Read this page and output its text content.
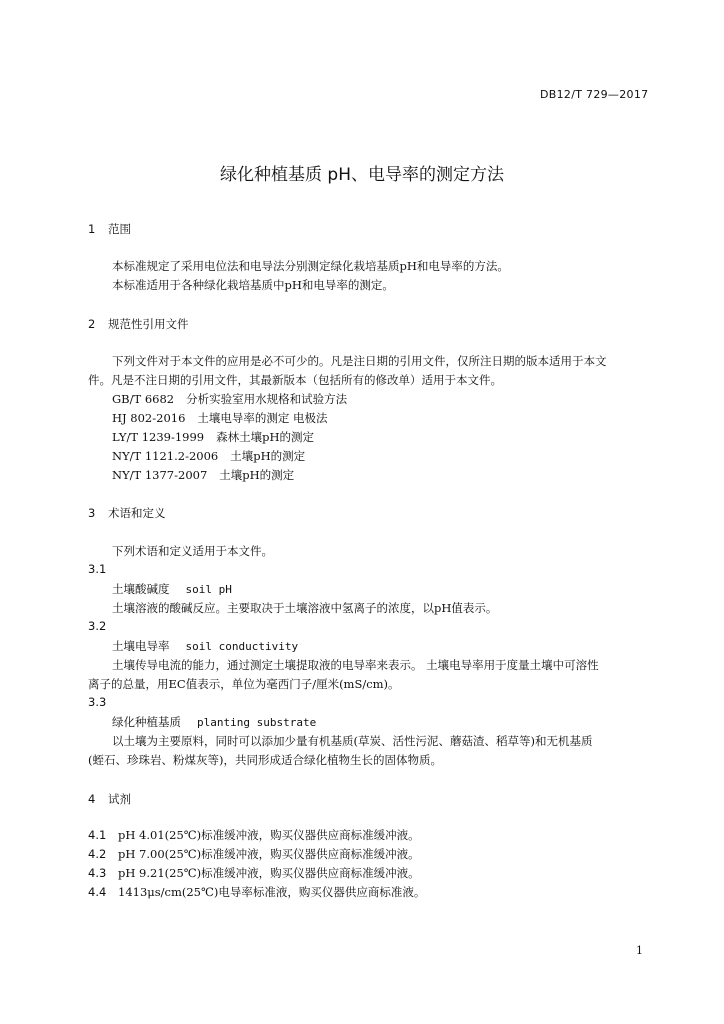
DB12/T 729—2017
绿化种植基质 pH、电导率的测定方法
1 范围
本标准规定了采用电位法和电导法分别测定绿化栽培基质pH和电导率的方法。
本标准适用于各种绿化栽培基质中pH和电导率的测定。
2 规范性引用文件
下列文件对于本文件的应用是必不可少的。凡是注日期的引用文件，仅所注日期的版本适用于本文
件。凡是不注日期的引用文件，其最新版本（包括所有的修改单）适用于本文件。
GB/T 6682 分析实验室用水规格和试验方法
HJ 802-2016 土壤电导率的测定 电极法
LY/T 1239-1999 森林土壤pH的测定
NY/T 1121.2-2006 土壤pH的测定
NY/T 1377-2007 土壤pH的测定
3 术语和定义
下列术语和定义适用于本文件。
3.1
土壤酸碱度 soil pH
土壤溶液的酸碱反应。主要取决于土壤溶液中氢离子的浓度，以pH值表示。
3.2
土壤电导率 soil conductivity
土壤传导电流的能力，通过测定土壤提取液的电导率来表示。 土壤电导率用于度量土壤中可溶性
离子的总量，用EC值表示，单位为毫西门子/厘米(mS/cm)。
3.3
绿化种植基质 planting substrate
以土壤为主要原料，同时可以添加少量有机基质(草炭、活性污泥、蘑菇渣、稻草等)和无机基质
(蛭石、珍珠岩、粉煤灰等)，共同形成适合绿化植物生长的固体物质。
4 试剂
4.1 pH 4.01(25℃)标准缓冲液，购买仪器供应商标准缓冲液。
4.2 pH 7.00(25℃)标准缓冲液，购买仪器供应商标准缓冲液。
4.3 pH 9.21(25℃)标准缓冲液，购买仪器供应商标准缓冲液。
4.4 1413μs/cm(25℃)电导率标准液，购买仪器供应商标准液。
1
